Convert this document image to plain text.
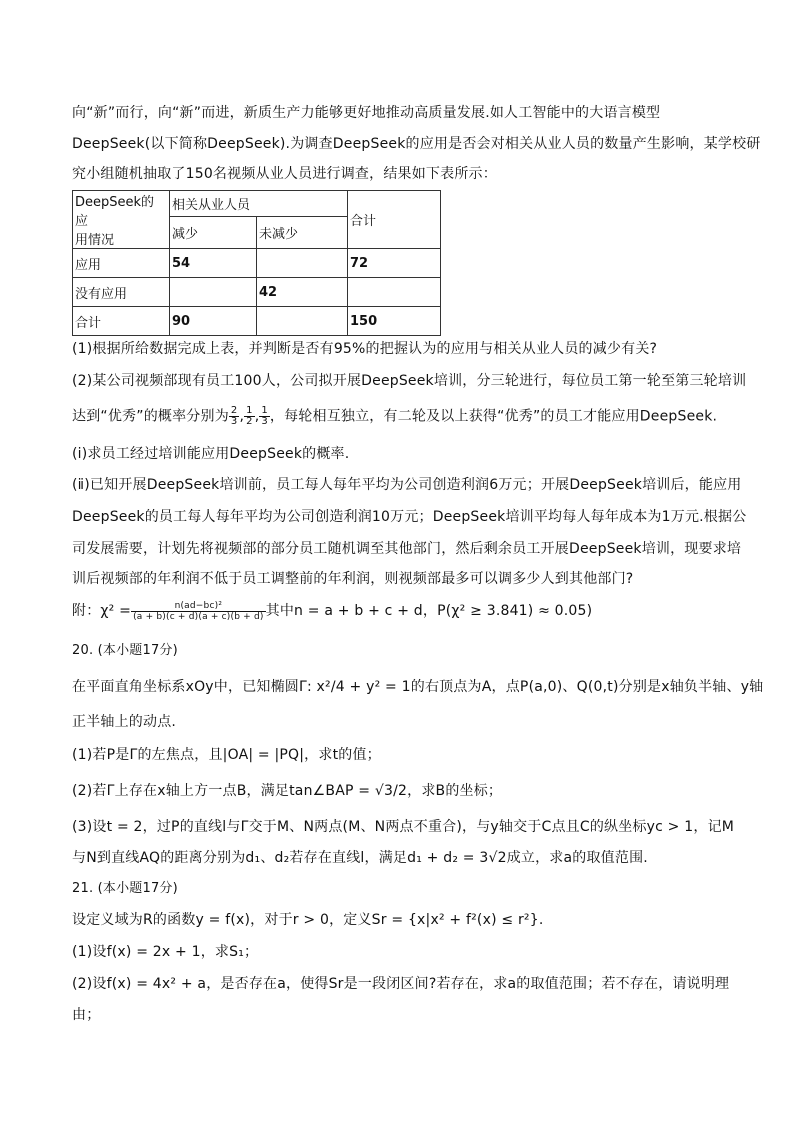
向“新”而行，向“新”而进，新质生产力能够更好地推动高质量发展.如人工智能中的大语言模型
DeepSeek(以下简称DeepSeek).为调查DeepSeek的应用是否会对相关从业人员的数量产生影响，某学校研
究小组随机抽取了150名视频从业人员进行调查，结果如下表所示：
DeepSeek的应
用情况	相关从业人员		合计
	减少	未减少	
应用	54		72
没有应用		42	
合计	90		150
(1)根据所给数据完成上表，并判断是否有95%的把握认为的应用与相关从业人员的减少有关?
(2)某公司视频部现有员工100人，公司拟开展DeepSeek培训，分三轮进行，每位员工第一轮至第三轮培训
达到“优秀”的概率分别为 $\frac{2}{3}$ , $\frac{1}{2}$ , $\frac{1}{3}$ ，每轮相互独立，有二轮及以上获得“优秀”的员工才能应用DeepSeek.
(ⅰ)求员工经过培训能应用DeepSeek的概率.
(ⅱ)已知开展DeepSeek培训前，员工每人每年平均为公司创造利润6万元；开展DeepSeek培训后，能应用
DeepSeek的员工每人每年平均为公司创造利润10万元；DeepSeek培训平均每人每年成本为1万元.根据公
司发展需要，计划先将视频部的部分员工随机调至其他部门，然后剩余员工开展DeepSeek培训，现要求培
训后视频部的年利润不低于员工调整前的年利润，则视频部最多可以调多少人到其他部门?
附：$\chi^2 = \frac{\text{n(ad−bc)²}}{(a + b)(c + d)(a + c)(b + d)}$ 其中n = a + b + c + d，P(χ² ≥ 3.841) ≈ 0.05)
20. (本小题17分)
在平面直角坐标系xOy中，已知椭圆Γ: x²/4 + y² = 1的右顶点为A，点P(a,0)、Q(0,t)分别是x轴负半轴、y轴
正半轴上的动点.
(1)若P是Γ的左焦点，且|OA| = |PQ|，求t的值；
(2)若Γ上存在x轴上方一点B，满足tan∠BAP = √3/2，求B的坐标；
(3)设t = 2，过P的直线l与Γ交于M、N两点(M、N两点不重合)，与y轴交于C点且C的纵坐标yc > 1，记M
与N到直线AQ的距离分别为d₁、d₂若存在直线l，满足d₁ + d₂ = 3√2成立，求a的取值范围.
21. (本小题17分)
设定义域为R的函数y = f(x)，对于r > 0，定义Sr = {x|x² + f²(x) ≤ r²}.
(1)设f(x) = 2x + 1，求S₁；
(2)设f(x) = 4x² + a，是否存在a，使得Sr是一段闭区间?若存在，求a的取值范围；若不存在，请说明理
由；
